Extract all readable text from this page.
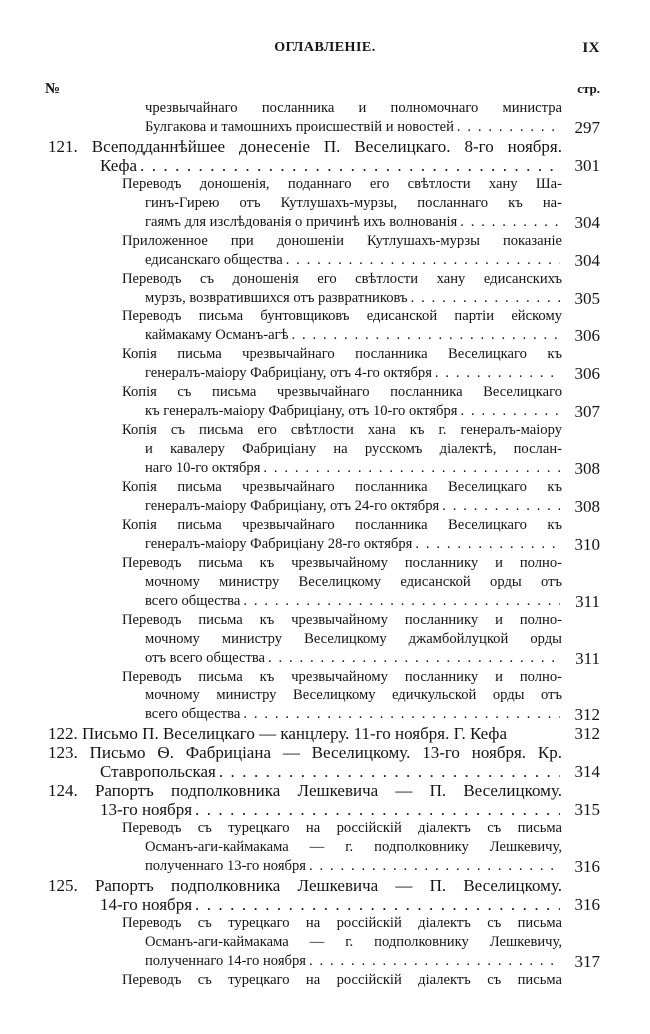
ОГЛАВЛЕНІЕ.	IX
№	стр.
чрезвычайнаго посланника и полномочнаго министра
Булгакова и тамошнихъ происшествій и новостей . . .	297
121. Всеподданнѣйшее донесеніе П. Веселицкаго. 8-го ноября.
Кефа . . .	301
Переводъ доношенія, поданнаго его свѣтлости хану Ша-
гинъ-Гирею отъ Кутлушахъ-мурзы, посланнаго къ на-
гаямъ для изслѣдованія о причинѣ ихъ волнованія . . .	304
Приложенное при доношеніи Кутлушахъ-мурзы показаніе
едисанскаго общества . . .	304
Переводъ съ доношенія его свѣтлости хану едисанскихъ
мурзъ, возвратившихся отъ развратниковъ . . .	305
Переводъ письма бунтовщиковъ едисанской партіи ейскому
каймакаму Османъ-агѣ . . .	306
Копія письма чрезвычайнаго посланника Веселицкаго къ
генералъ-маіору Фабриціану, отъ 4-го октября . . .	306
Копія съ письма чрезвычайнаго посланника Веселицкаго
къ генералъ-маіору Фабриціану, отъ 10-го октября . . .	307
Копія съ письма его свѣтлости хана къ г. генералъ-маіору
и кавалеру Фабриціану на русскомъ діалектѣ, послан-
наго 10-го октября . . .	308
Копія письма чрезвычайнаго посланника Веселицкаго къ
генералъ-маіору Фабриціану, отъ 24-го октября . . .	308
Копія письма чрезвычайнаго посланника Веселицкаго къ
генералъ-маіору Фабриціану 28-го октября . . .	310
Переводъ письма къ чрезвычайному посланнику и полно-
мочному министру Веселицкому едисанской орды отъ
всего общества . . .	311
Переводъ письма къ чрезвычайному посланнику и полно-
мочному министру Веселицкому джамбойлуцкой орды
отъ всего общества . . .	311
Переводъ письма къ чрезвычайному посланнику и полно-
мочному министру Веселицкому едичкульской орды отъ
всего общества . . .	312
122. Письмо П. Веселицкаго — канцлеру. 11-го ноября. Г. Кефа	312
123. Письмо Ѳ. Фабриціана — Веселицкому. 13-го ноября. Кр.
Ставропольская . . .	314
124. Рапортъ подполковника Лешкевича — П. Веселицкому.
13-го ноября . . .	315
Переводъ съ турецкаго на россійскій діалектъ съ письма
Османъ-аги-каймакама — г. подполковнику Лешкевичу,
полученнаго 13-го ноября . . .	316
125. Рапортъ подполковника Лешкевича — П. Веселицкому.
14-го ноября . . .	316
Переводъ съ турецкаго на россійскій діалектъ съ письма
Османъ-аги-каймакама — г. подполковнику Лешкевичу,
полученнаго 14-го ноября . . .	317
Переводъ съ турецкаго на россійскій діалектъ съ письма
